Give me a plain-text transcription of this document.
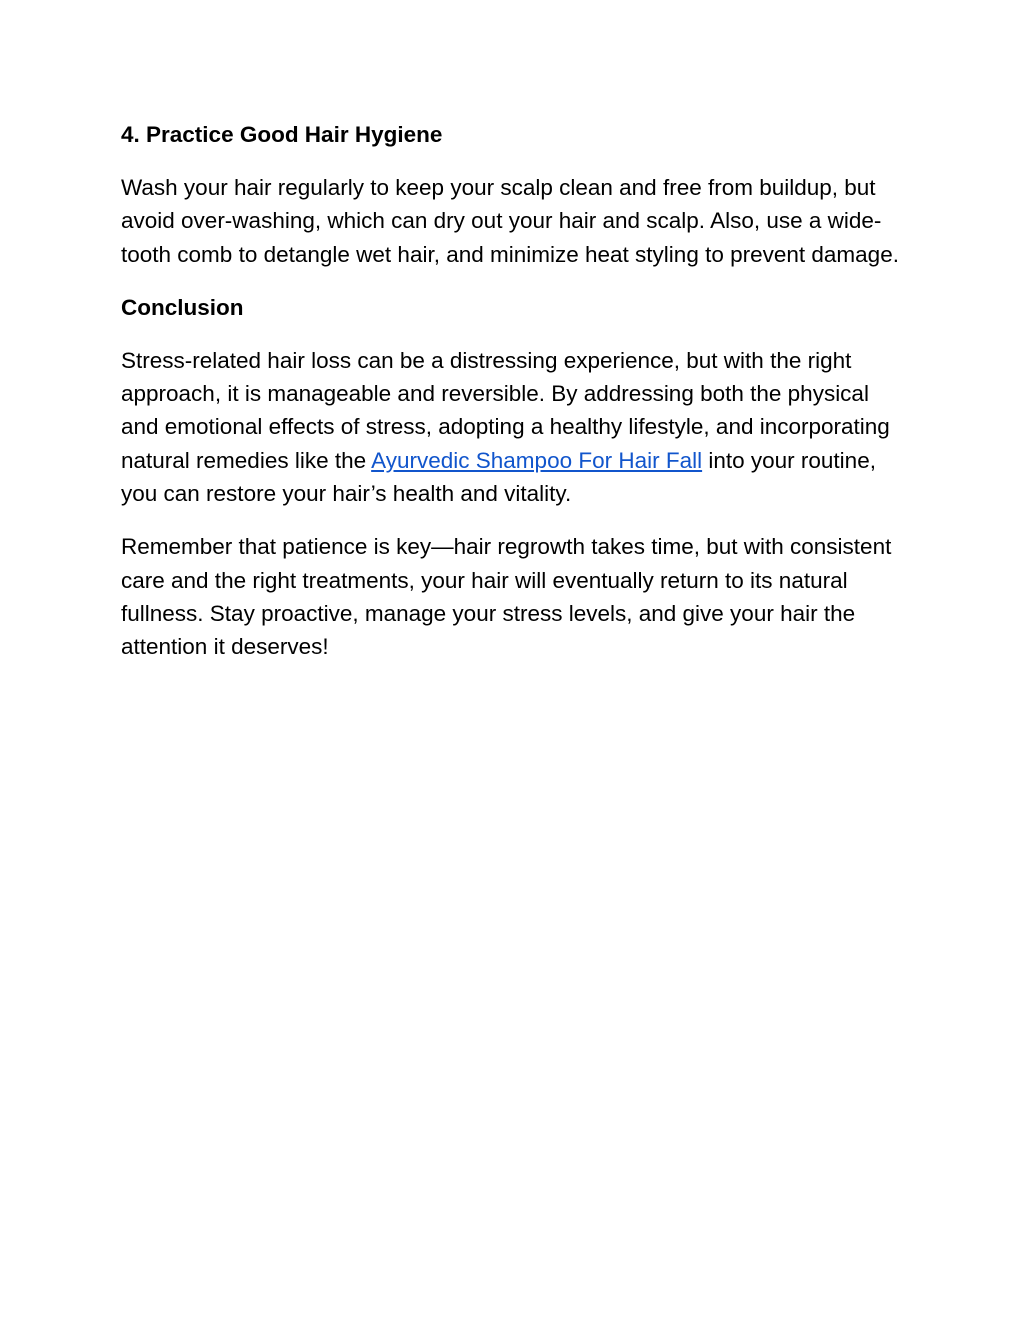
4. Practice Good Hair Hygiene

Wash your hair regularly to keep your scalp clean and free from buildup, but avoid over-washing, which can dry out your hair and scalp. Also, use a wide-tooth comb to detangle wet hair, and minimize heat styling to prevent damage.

Conclusion

Stress-related hair loss can be a distressing experience, but with the right approach, it is manageable and reversible. By addressing both the physical and emotional effects of stress, adopting a healthy lifestyle, and incorporating natural remedies like the Ayurvedic Shampoo For Hair Fall into your routine, you can restore your hair’s health and vitality.

Remember that patience is key—hair regrowth takes time, but with consistent care and the right treatments, your hair will eventually return to its natural fullness. Stay proactive, manage your stress levels, and give your hair the attention it deserves!
